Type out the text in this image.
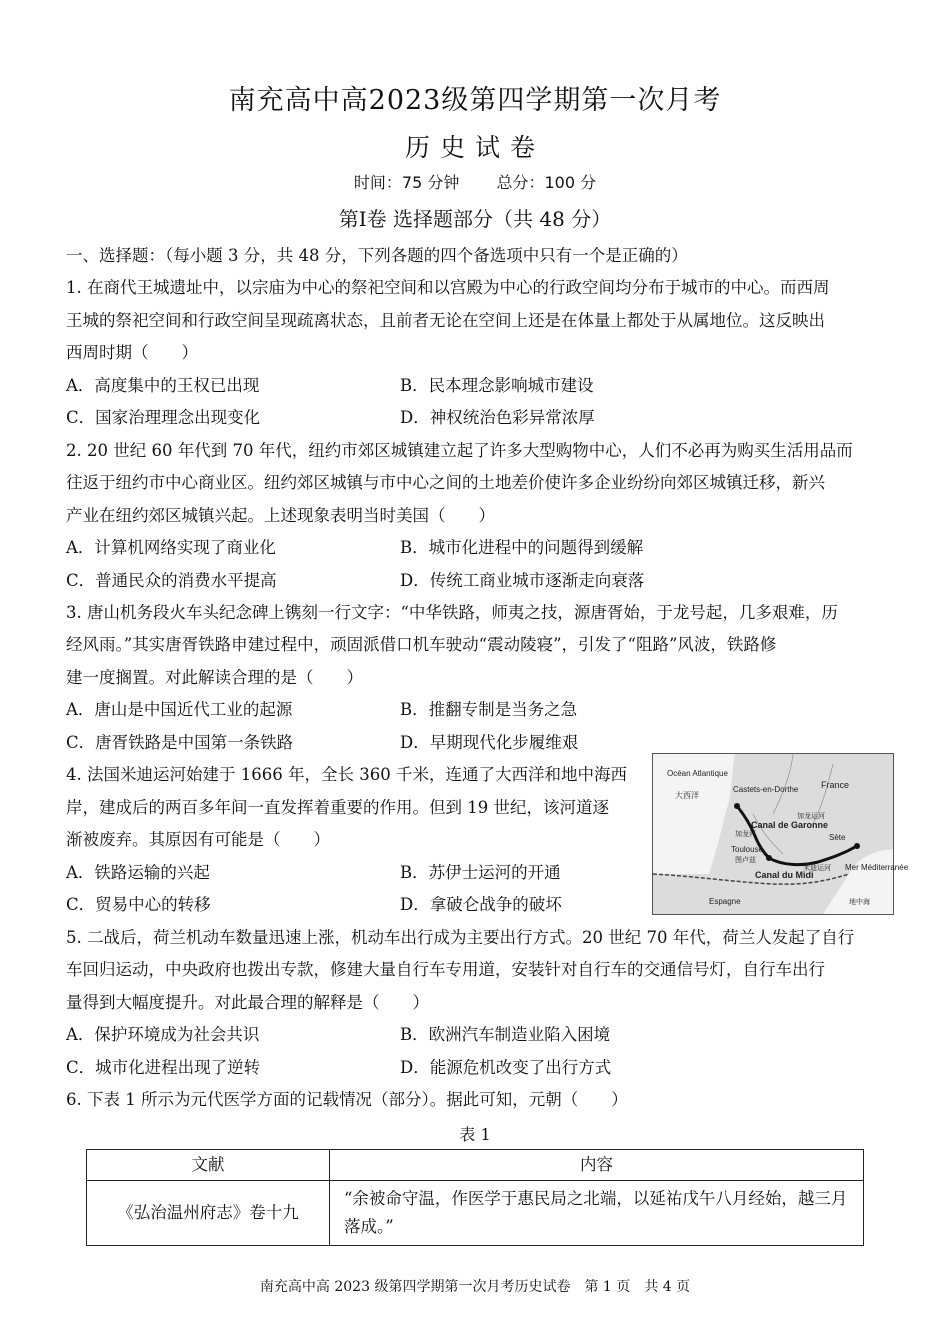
南充高中高2023级第四学期第一次月考
历史试卷
时间：75 分钟 总分：100 分
第Ⅰ卷 选择题部分（共 48 分）
一、选择题：（每小题 3 分，共 48 分，下列各题的四个备选项中只有一个是正确的）
1. 在商代王城遗址中，以宗庙为中心的祭祀空间和以宫殿为中心的行政空间均分布于城市的中心。而西周
王城的祭祀空间和行政空间呈现疏离状态，且前者无论在空间上还是在体量上都处于从属地位。这反映出
西周时期（　　）
A．高度集中的王权已出现	B．民本理念影响城市建设
C．国家治理理念出现变化	D．神权统治色彩异常浓厚
2. 20 世纪 60 年代到 70 年代，纽约市郊区城镇建立起了许多大型购物中心，人们不必再为购买生活用品而
往返于纽约市中心商业区。纽约郊区城镇与市中心之间的土地差价使许多企业纷纷向郊区城镇迁移，新兴
产业在纽约郊区城镇兴起。上述现象表明当时美国（　　）
A．计算机网络实现了商业化	B．城市化进程中的问题得到缓解
C．普通民众的消费水平提高	D．传统工商业城市逐渐走向衰落
3. 唐山机务段火车头纪念碑上镌刻一行文字：“中华铁路，师夷之技，源唐胥始，于龙号起，几多艰难，历
经风雨。”其实唐胥铁路申建过程中，顽固派借口机车驶动“震动陵寝”，引发了“阻路”风波，铁路修
建一度搁置。对此解读合理的是（　　）
A．唐山是中国近代工业的起源	B．推翻专制是当务之急
C．唐胥铁路是中国第一条铁路	D．早期现代化步履维艰
4. 法国米迪运河始建于 1666 年，全长 360 千米，连通了大西洋和地中海西
岸，建成后的两百多年间一直发挥着重要的作用。但到 19 世纪，该河道逐
渐被废弃。其原因有可能是（　　）
A．铁路运输的兴起	B．苏伊士运河的开通
C．贸易中心的转移	D．拿破仑战争的破坏
Océan Atlantique
大西洋
Castets-en-Dorthe	France
Canal de Garonne
加龙运河
加龙河
Toulouse
图卢兹
Sète
Canal du Midi
米迪运河 Mer Méditerranée
地中海
Espagne
5. 二战后，荷兰机动车数量迅速上涨，机动车出行成为主要出行方式。20 世纪 70 年代，荷兰人发起了自行
车回归运动，中央政府也拨出专款，修建大量自行车专用道，安装针对自行车的交通信号灯，自行车出行
量得到大幅度提升。对此最合理的解释是（　　）
A．保护环境成为社会共识	B．欧洲汽车制造业陷入困境
C．城市化进程出现了逆转	D．能源危机改变了出行方式
6. 下表 1 所示为元代医学方面的记载情况（部分）。据此可知，元朝（　　）
表 1
文献	内容
《弘治温州府志》卷十九	“余被命守温，作医学于惠民局之北端，以延祐戊午八月经始，越三月落成。”
南充高中高 2023 级第四学期第一次月考历史试卷　第 1 页　共 4 页
